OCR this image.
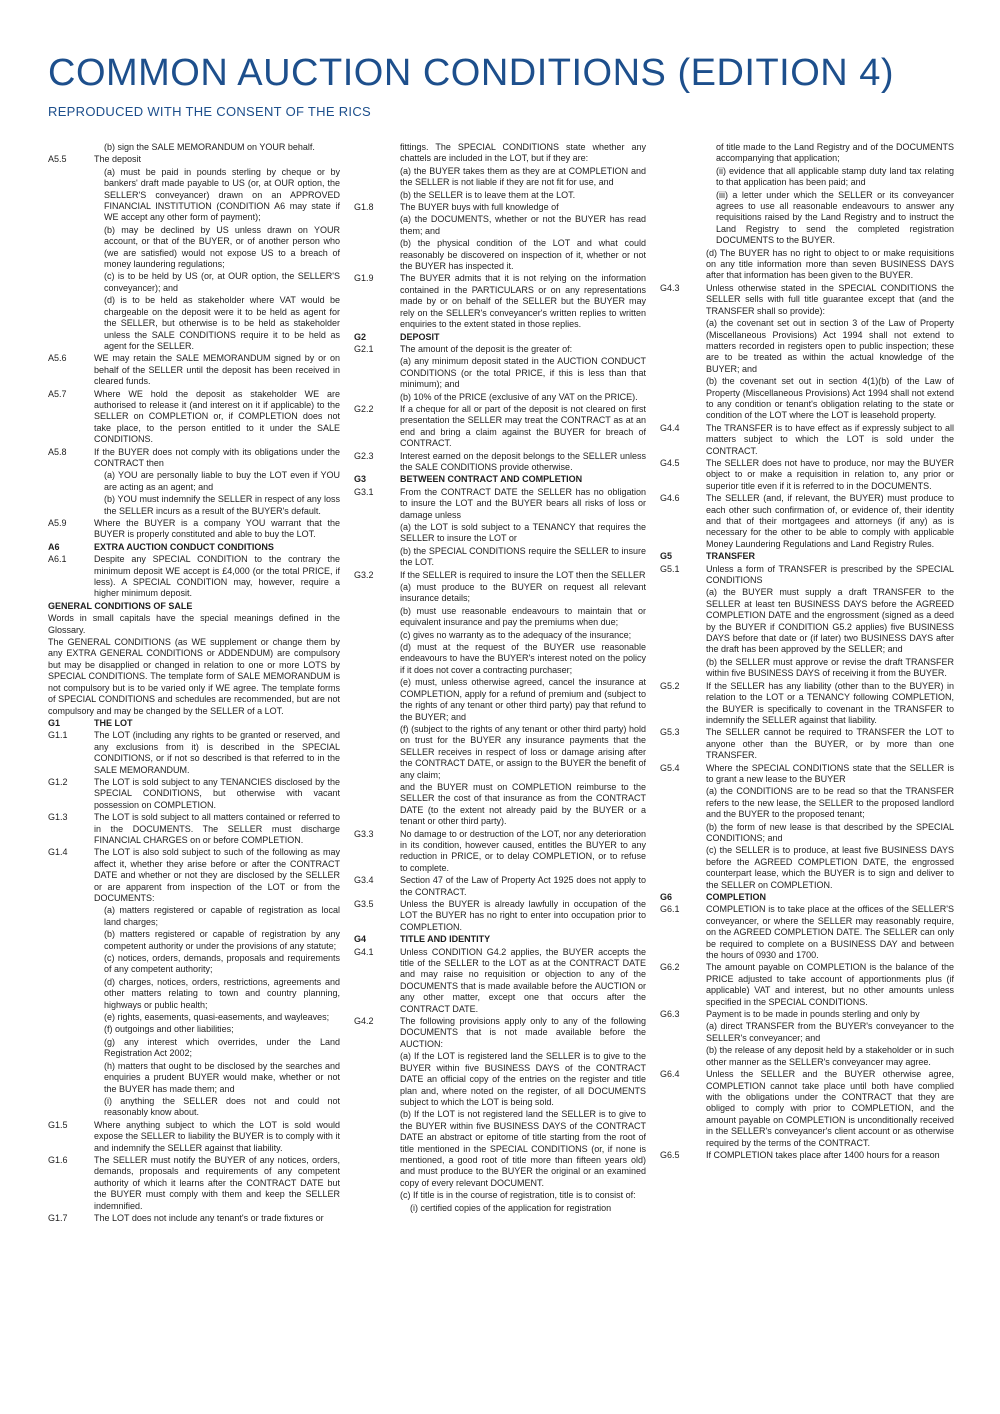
COMMON AUCTION CONDITIONS (EDITION 4)

REPRODUCED WITH THE CONSENT OF THE RICS

(b) sign the SALE MEMORANDUM on YOUR behalf.
A5.5	The deposit
(a) must be paid in pounds sterling by cheque or by bankers' draft made payable to US (or, at OUR option, the SELLER'S conveyancer) drawn on an APPROVED FINANCIAL INSTITUTION (CONDITION A6 may state if WE accept any other form of payment);
(b) may be declined by US unless drawn on YOUR account, or that of the BUYER, or of another person who (we are satisfied) would not expose US to a breach of money laundering regulations;
(c) is to be held by US (or, at OUR option, the SELLER'S conveyancer); and
(d) is to be held as stakeholder where VAT would be chargeable on the deposit were it to be held as agent for the SELLER, but otherwise is to be held as stakeholder unless the SALE CONDITIONS require it to be held as agent for the SELLER.
A5.6	WE may retain the SALE MEMORANDUM signed by or on behalf of the SELLER until the deposit has been received in cleared funds.
A5.7	Where WE hold the deposit as stakeholder WE are authorised to release it (and interest on it if applicable) to the SELLER on COMPLETION or, if COMPLETION does not take place, to the person entitled to it under the SALE CONDITIONS.
A5.8	If the BUYER does not comply with its obligations under the CONTRACT then
(a) YOU are personally liable to buy the LOT even if YOU are acting as an agent; and
(b) YOU must indemnify the SELLER in respect of any loss the SELLER incurs as a result of the BUYER's default.
A5.9	Where the BUYER is a company YOU warrant that the BUYER is properly constituted and able to buy the LOT.
A6	EXTRA AUCTION CONDUCT CONDITIONS
A6.1	Despite any SPECIAL CONDITION to the contrary the minimum deposit WE accept is £4,000 (or the total PRICE, if less). A SPECIAL CONDITION may, however, require a higher minimum deposit.
GENERAL CONDITIONS OF SALE
Words in small capitals have the special meanings defined in the Glossary.
The GENERAL CONDITIONS (as WE supplement or change them by any EXTRA GENERAL CONDITIONS or ADDENDUM) are compulsory but may be disapplied or changed in relation to one or more LOTS by SPECIAL CONDITIONS. The template form of SALE MEMORANDUM is not compulsory but is to be varied only if WE agree. The template forms of SPECIAL CONDITIONS and schedules are recommended, but are not compulsory and may be changed by the SELLER of a LOT.
G1	THE LOT
G1.1	The LOT (including any rights to be granted or reserved, and any exclusions from it) is described in the SPECIAL CONDITIONS, or if not so described is that referred to in the SALE MEMORANDUM.
G1.2	The LOT is sold subject to any TENANCIES disclosed by the SPECIAL CONDITIONS, but otherwise with vacant possession on COMPLETION.
G1.3	The LOT is sold subject to all matters contained or referred to in the DOCUMENTS. The SELLER must discharge FINANCIAL CHARGES on or before COMPLETION.
G1.4	The LOT is also sold subject to such of the following as may affect it, whether they arise before or after the CONTRACT DATE and whether or not they are disclosed by the SELLER or are apparent from inspection of the LOT or from the DOCUMENTS:
(a) matters registered or capable of registration as local land charges;
(b) matters registered or capable of registration by any competent authority or under the provisions of any statute;
(c) notices, orders, demands, proposals and requirements of any competent authority;
(d) charges, notices, orders, restrictions, agreements and other matters relating to town and country planning, highways or public health;
(e) rights, easements, quasi-easements, and wayleaves;
(f) outgoings and other liabilities;
(g) any interest which overrides, under the Land Registration Act 2002;
(h) matters that ought to be disclosed by the searches and enquiries a prudent BUYER would make, whether or not the BUYER has made them; and
(i) anything the SELLER does not and could not reasonably know about.
G1.5	Where anything subject to which the LOT is sold would expose the SELLER to liability the BUYER is to comply with it and indemnify the SELLER against that liability.
G1.6	The SELLER must notify the BUYER of any notices, orders, demands, proposals and requirements of any competent authority of which it learns after the CONTRACT DATE but the BUYER must comply with them and keep the SELLER indemnified.
G1.7	The LOT does not include any tenant's or trade fixtures or
fittings. The SPECIAL CONDITIONS state whether any chattels are included in the LOT, but if they are:
(a) the BUYER takes them as they are at COMPLETION and the SELLER is not liable if they are not fit for use, and
(b) the SELLER is to leave them at the LOT.
G1.8	The BUYER buys with full knowledge of
(a) the DOCUMENTS, whether or not the BUYER has read them; and
(b) the physical condition of the LOT and what could reasonably be discovered on inspection of it, whether or not the BUYER has inspected it.
G1.9	The BUYER admits that it is not relying on the information contained in the PARTICULARS or on any representations made by or on behalf of the SELLER but the BUYER may rely on the SELLER's conveyancer's written replies to written enquiries to the extent stated in those replies.
G2	DEPOSIT
G2.1	The amount of the deposit is the greater of:
(a) any minimum deposit stated in the AUCTION CONDUCT CONDITIONS (or the total PRICE, if this is less than that minimum); and
(b) 10% of the PRICE (exclusive of any VAT on the PRICE).
G2.2	If a cheque for all or part of the deposit is not cleared on first presentation the SELLER may treat the CONTRACT as at an end and bring a claim against the BUYER for breach of CONTRACT.
G2.3	Interest earned on the deposit belongs to the SELLER unless the SALE CONDITIONS provide otherwise.
G3	BETWEEN CONTRACT AND COMPLETION
G3.1	From the CONTRACT DATE the SELLER has no obligation to insure the LOT and the BUYER bears all risks of loss or damage unless
(a) the LOT is sold subject to a TENANCY that requires the SELLER to insure the LOT or
(b) the SPECIAL CONDITIONS require the SELLER to insure the LOT.
G3.2	If the SELLER is required to insure the LOT then the SELLER
(a) must produce to the BUYER on request all relevant insurance details;
(b) must use reasonable endeavours to maintain that or equivalent insurance and pay the premiums when due;
(c) gives no warranty as to the adequacy of the insurance;
(d) must at the request of the BUYER use reasonable endeavours to have the BUYER's interest noted on the policy if it does not cover a contracting purchaser;
(e) must, unless otherwise agreed, cancel the insurance at COMPLETION, apply for a refund of premium and (subject to the rights of any tenant or other third party) pay that refund to the BUYER; and
(f) (subject to the rights of any tenant or other third party) hold on trust for the BUYER any insurance payments that the SELLER receives in respect of loss or damage arising after the CONTRACT DATE, or assign to the BUYER the benefit of any claim;
and the BUYER must on COMPLETION reimburse to the SELLER the cost of that insurance as from the CONTRACT DATE (to the extent not already paid by the BUYER or a tenant or other third party).
G3.3	No damage to or destruction of the LOT, nor any deterioration in its condition, however caused, entitles the BUYER to any reduction in PRICE, or to delay COMPLETION, or to refuse to complete.
G3.4	Section 47 of the Law of Property Act 1925 does not apply to the CONTRACT.
G3.5	Unless the BUYER is already lawfully in occupation of the LOT the BUYER has no right to enter into occupation prior to COMPLETION.
G4	TITLE AND IDENTITY
G4.1	Unless CONDITION G4.2 applies, the BUYER accepts the title of the SELLER to the LOT as at the CONTRACT DATE and may raise no requisition or objection to any of the DOCUMENTS that is made available before the AUCTION or any other matter, except one that occurs after the CONTRACT DATE.
G4.2	The following provisions apply only to any of the following DOCUMENTS that is not made available before the AUCTION:
(a) If the LOT is registered land the SELLER is to give to the BUYER within five BUSINESS DAYS of the CONTRACT DATE an official copy of the entries on the register and title plan and, where noted on the register, of all DOCUMENTS subject to which the LOT is being sold.
(b) If the LOT is not registered land the SELLER is to give to the BUYER within five BUSINESS DAYS of the CONTRACT DATE an abstract or epitome of title starting from the root of title mentioned in the SPECIAL CONDITIONS (or, if none is mentioned, a good root of title more than fifteen years old) and must produce to the BUYER the original or an examined copy of every relevant DOCUMENT.
(c) If title is in the course of registration, title is to consist of:
(i) certified copies of the application for registration
of title made to the Land Registry and of the DOCUMENTS accompanying that application;
(ii) evidence that all applicable stamp duty land tax relating to that application has been paid; and
(iii) a letter under which the SELLER or its conveyancer agrees to use all reasonable endeavours to answer any requisitions raised by the Land Registry and to instruct the Land Registry to send the completed registration DOCUMENTS to the BUYER.
(d) The BUYER has no right to object to or make requisitions on any title information more than seven BUSINESS DAYS after that information has been given to the BUYER.
G4.3	Unless otherwise stated in the SPECIAL CONDITIONS the SELLER sells with full title guarantee except that (and the TRANSFER shall so provide):
(a) the covenant set out in section 3 of the Law of Property (Miscellaneous Provisions) Act 1994 shall not extend to matters recorded in registers open to public inspection; these are to be treated as within the actual knowledge of the BUYER; and
(b) the covenant set out in section 4(1)(b) of the Law of Property (Miscellaneous Provisions) Act 1994 shall not extend to any condition or tenant's obligation relating to the state or condition of the LOT where the LOT is leasehold property.
G4.4	The TRANSFER is to have effect as if expressly subject to all matters subject to which the LOT is sold under the CONTRACT.
G4.5	The SELLER does not have to produce, nor may the BUYER object to or make a requisition in relation to, any prior or superior title even if it is referred to in the DOCUMENTS.
G4.6	The SELLER (and, if relevant, the BUYER) must produce to each other such confirmation of, or evidence of, their identity and that of their mortgagees and attorneys (if any) as is necessary for the other to be able to comply with applicable Money Laundering Regulations and Land Registry Rules.
G5	TRANSFER
G5.1	Unless a form of TRANSFER is prescribed by the SPECIAL CONDITIONS
(a) the BUYER must supply a draft TRANSFER to the SELLER at least ten BUSINESS DAYS before the AGREED COMPLETION DATE and the engrossment (signed as a deed by the BUYER if CONDITION G5.2 applies) five BUSINESS DAYS before that date or (if later) two BUSINESS DAYS after the draft has been approved by the SELLER; and
(b) the SELLER must approve or revise the draft TRANSFER within five BUSINESS DAYS of receiving it from the BUYER.
G5.2	If the SELLER has any liability (other than to the BUYER) in relation to the LOT or a TENANCY following COMPLETION, the BUYER is specifically to covenant in the TRANSFER to indemnify the SELLER against that liability.
G5.3	The SELLER cannot be required to TRANSFER the LOT to anyone other than the BUYER, or by more than one TRANSFER.
G5.4	Where the SPECIAL CONDITIONS state that the SELLER is to grant a new lease to the BUYER
(a) the CONDITIONS are to be read so that the TRANSFER refers to the new lease, the SELLER to the proposed landlord and the BUYER to the proposed tenant;
(b) the form of new lease is that described by the SPECIAL CONDITIONS; and
(c) the SELLER is to produce, at least five BUSINESS DAYS before the AGREED COMPLETION DATE, the engrossed counterpart lease, which the BUYER is to sign and deliver to the SELLER on COMPLETION.
G6	COMPLETION
G6.1	COMPLETION is to take place at the offices of the SELLER'S conveyancer, or where the SELLER may reasonably require, on the AGREED COMPLETION DATE. The SELLER can only be required to complete on a BUSINESS DAY and between the hours of 0930 and 1700.
G6.2	The amount payable on COMPLETION is the balance of the PRICE adjusted to take account of apportionments plus (if applicable) VAT and interest, but no other amounts unless specified in the SPECIAL CONDITIONS.
G6.3	Payment is to be made in pounds sterling and only by
(a) direct TRANSFER from the BUYER's conveyancer to the SELLER's conveyancer; and
(b) the release of any deposit held by a stakeholder or in such other manner as the SELLER's conveyancer may agree.
G6.4	Unless the SELLER and the BUYER otherwise agree, COMPLETION cannot take place until both have complied with the obligations under the CONTRACT that they are obliged to comply with prior to COMPLETION, and the amount payable on COMPLETION is unconditionally received in the SELLER's conveyancer's client account or as otherwise required by the terms of the CONTRACT.
G6.5	If COMPLETION takes place after 1400 hours for a reason
